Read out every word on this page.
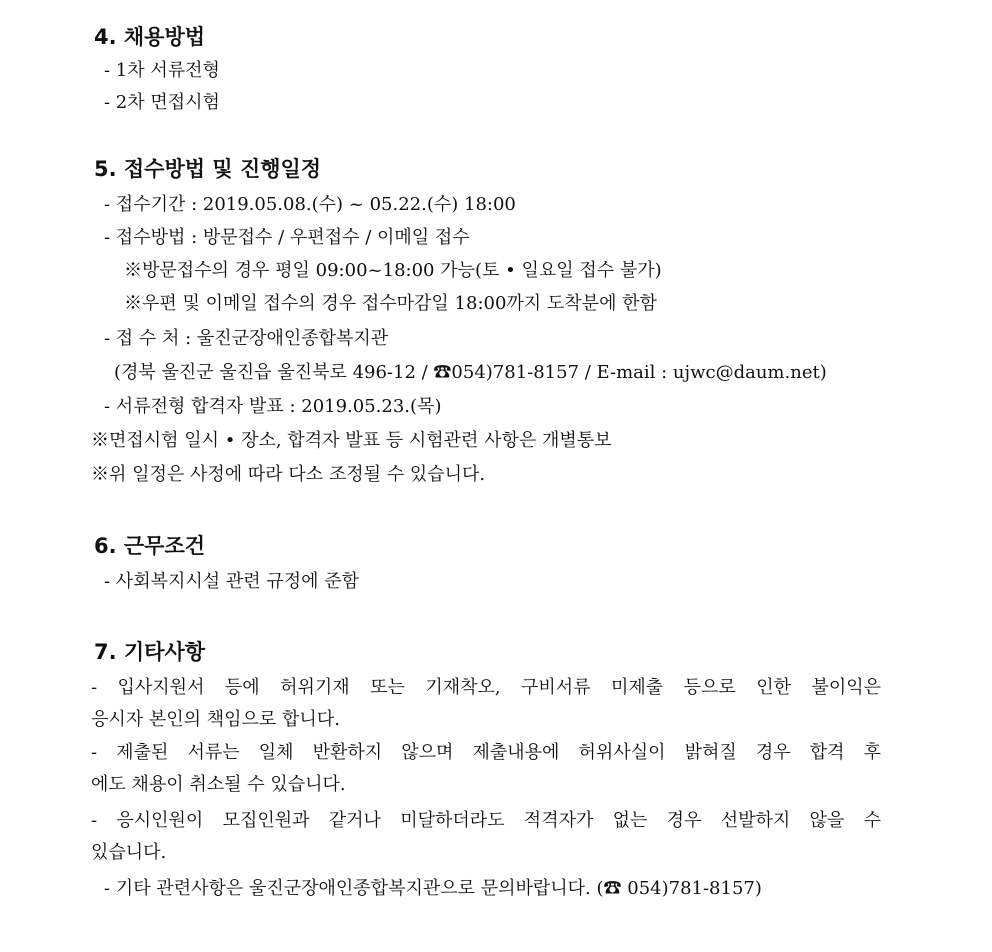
4. 채용방법
- 1차 서류전형
- 2차 면접시험
5. 접수방법 및 진행일정
- 접수기간 : 2019.05.08.(수) ~ 05.22.(수) 18:00
- 접수방법 : 방문접수 / 우편접수 / 이메일 접수
※방문접수의 경우 평일 09:00~18:00 가능(토 • 일요일 접수 불가)
※우편 및 이메일 접수의 경우 접수마감일 18:00까지 도착분에 한함
- 접 수 처 : 울진군장애인종합복지관
(경북 울진군 울진읍 울진북로 496-12 / ☎054)781-8157 / E-mail : ujwc@daum.net)
- 서류전형 합격자 발표 : 2019.05.23.(목)
※면접시험 일시 • 장소, 합격자 발표 등 시험관련 사항은 개별통보
※위 일정은 사정에 따라 다소 조정될 수 있습니다.
6. 근무조건
- 사회복지시설 관련 규정에 준함
7. 기타사항
- 입사지원서 등에 허위기재 또는 기재착오, 구비서류 미제출 등으로 인한 불이익은
응시자 본인의 책임으로 합니다.
- 제출된 서류는 일체 반환하지 않으며 제출내용에 허위사실이 밝혀질 경우 합격 후
에도 채용이 취소될 수 있습니다.
- 응시인원이 모집인원과 같거나 미달하더라도 적격자가 없는 경우 선발하지 않을 수
있습니다.
- 기타 관련사항은 울진군장애인종합복지관으로 문의바랍니다. (☎ 054)781-8157)
